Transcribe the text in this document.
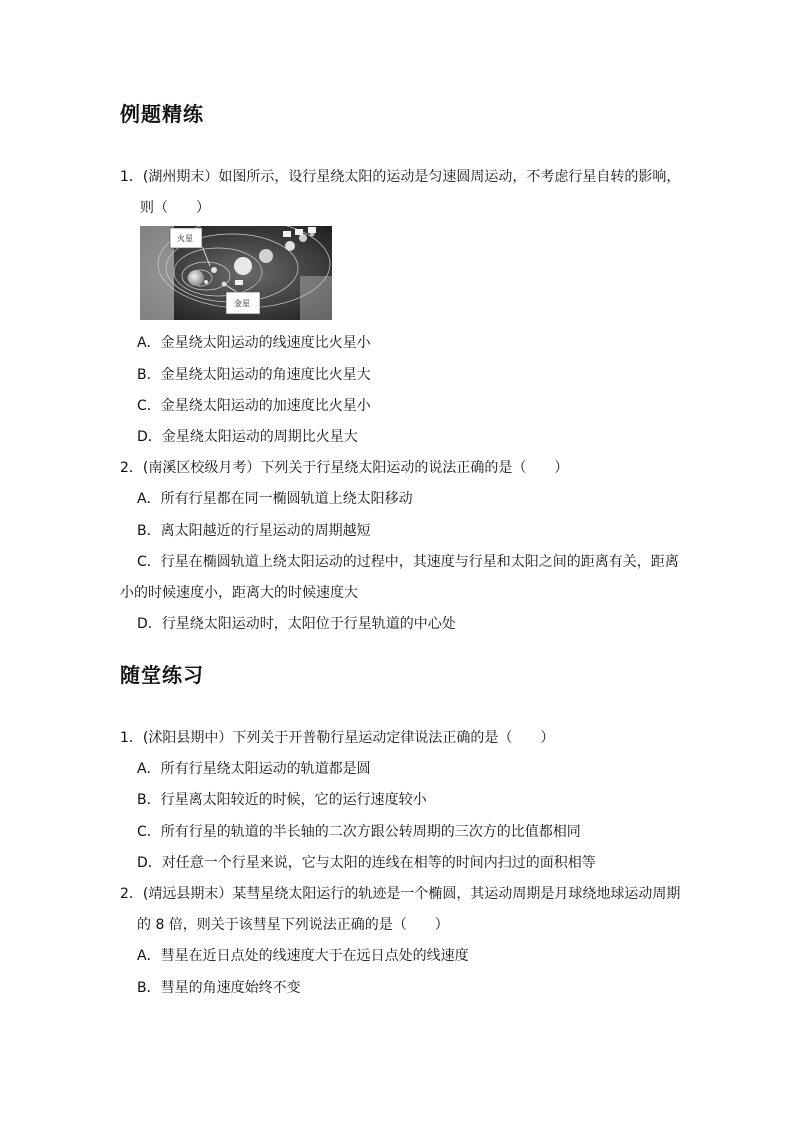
例题精练

1．(湖州期末）如图所示，设行星绕太阳的运动是匀速圆周运动，不考虑行星自转的影响，

则（　　）

火星
金星

A．金星绕太阳运动的线速度比火星小

B．金星绕太阳运动的角速度比火星大

C．金星绕太阳运动的加速度比火星小

D．金星绕太阳运动的周期比火星大

2．(南溪区校级月考）下列关于行星绕太阳运动的说法正确的是（　　）

A．所有行星都在同一椭圆轨道上绕太阳移动

B．离太阳越近的行星运动的周期越短

C．行星在椭圆轨道上绕太阳运动的过程中，其速度与行星和太阳之间的距离有关，距离

小的时候速度小，距离大的时候速度大

D．行星绕太阳运动时，太阳位于行星轨道的中心处

随堂练习

1．(沭阳县期中）下列关于开普勒行星运动定律说法正确的是（　　）

A．所有行星绕太阳运动的轨道都是圆

B．行星离太阳较近的时候，它的运行速度较小

C．所有行星的轨道的半长轴的二次方跟公转周期的三次方的比值都相同

D．对任意一个行星来说，它与太阳的连线在相等的时间内扫过的面积相等

2．(靖远县期末）某彗星绕太阳运行的轨迹是一个椭圆，其运动周期是月球绕地球运动周期

的 8 倍，则关于该彗星下列说法正确的是（　　）

A．彗星在近日点处的线速度大于在远日点处的线速度

B．彗星的角速度始终不变
